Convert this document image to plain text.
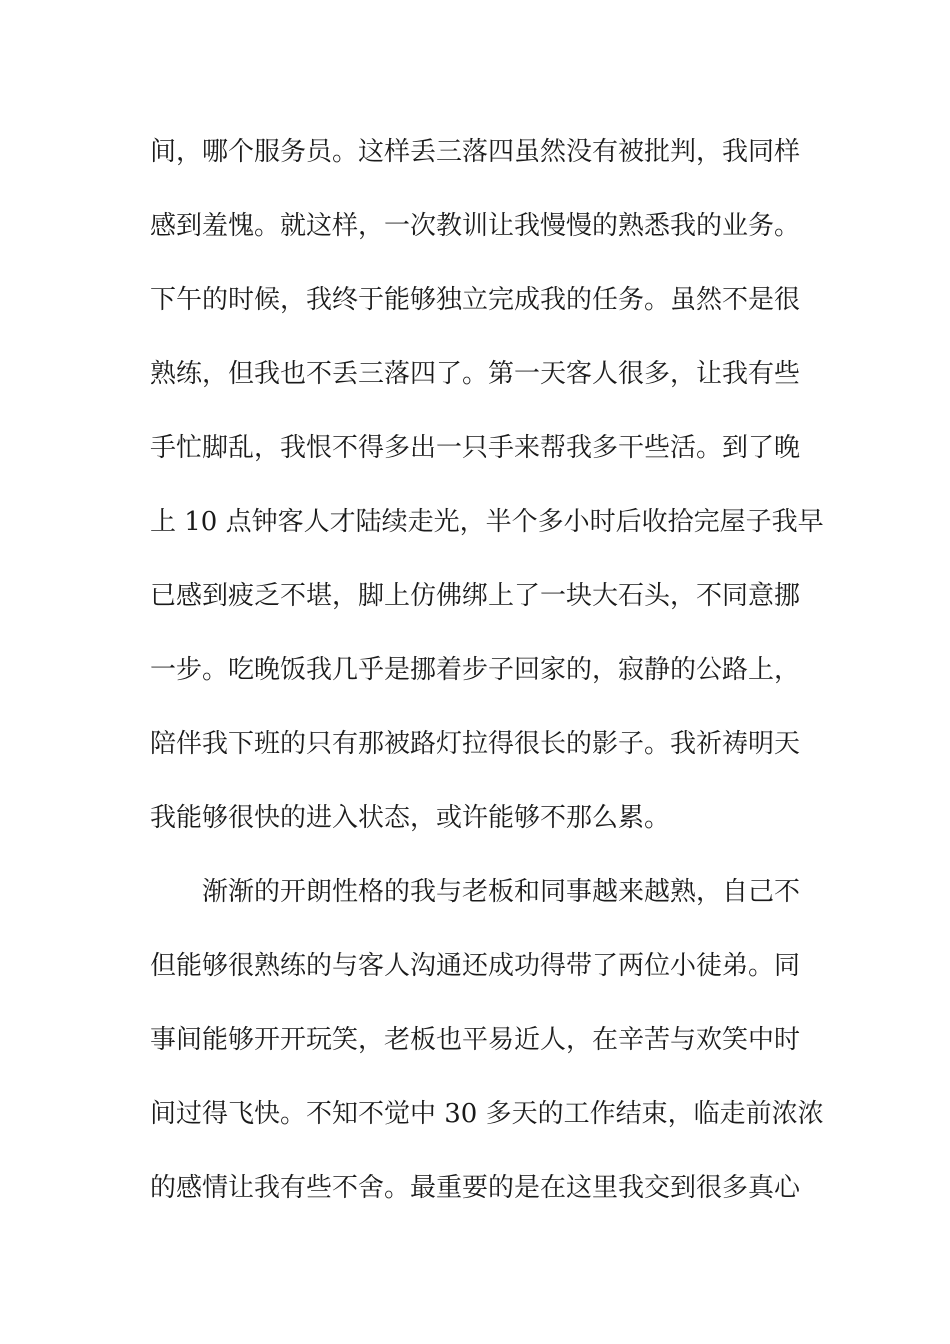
间，哪个服务员。这样丢三落四虽然没有被批判，我同样
感到羞愧。就这样，一次教训让我慢慢的熟悉我的业务。
下午的时候，我终于能够独立完成我的任务。虽然不是很
熟练，但我也不丢三落四了。第一天客人很多，让我有些
手忙脚乱，我恨不得多出一只手来帮我多干些活。到了晚
上 10 点钟客人才陆续走光，半个多小时后收拾完屋子我早
已感到疲乏不堪，脚上仿佛绑上了一块大石头，不同意挪
一步。吃晚饭我几乎是挪着步子回家的，寂静的公路上，
陪伴我下班的只有那被路灯拉得很长的影子。我祈祷明天
我能够很快的进入状态，或许能够不那么累。
渐渐的开朗性格的我与老板和同事越来越熟，自己不
但能够很熟练的与客人沟通还成功得带了两位小徒弟。同
事间能够开开玩笑，老板也平易近人，在辛苦与欢笑中时
间过得飞快。不知不觉中 30 多天的工作结束，临走前浓浓
的感情让我有些不舍。最重要的是在这里我交到很多真心
